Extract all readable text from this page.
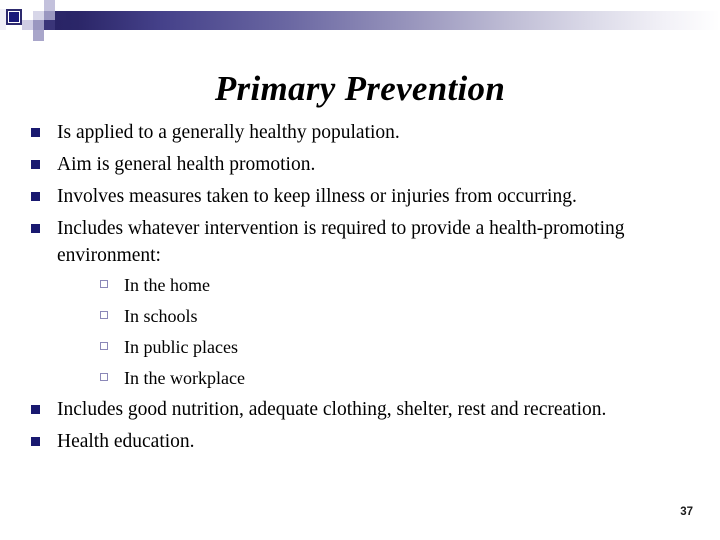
Primary Prevention
Is applied to a generally healthy population.
Aim is general health promotion.
Involves measures taken to keep illness or injuries from occurring.
Includes whatever intervention is required to provide a health-promoting environment:
In the home
In schools
In public places
In the workplace
Includes good nutrition, adequate clothing, shelter, rest and recreation.
Health education.
37
